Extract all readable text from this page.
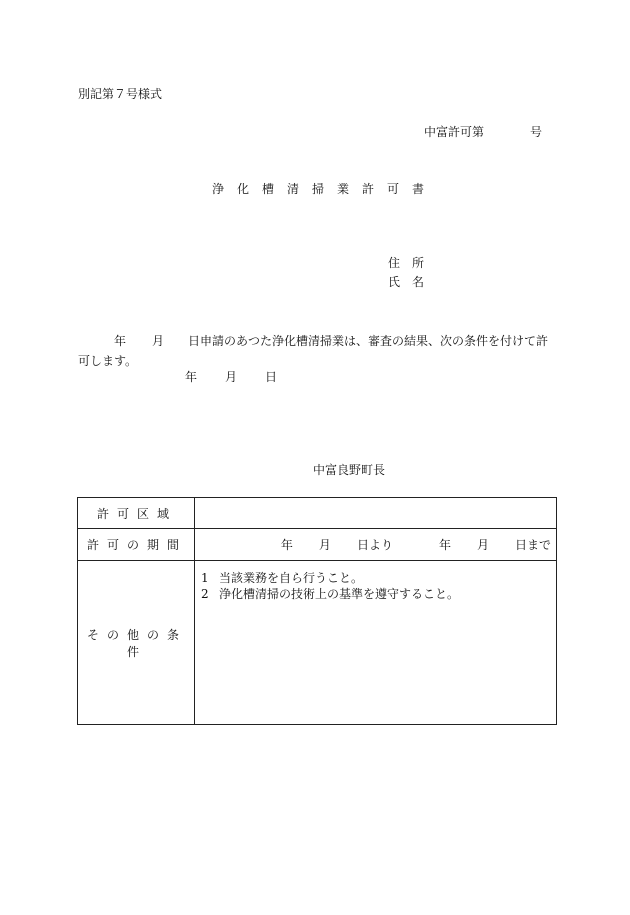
別記第７号様式
中富許可第	号
浄化槽清掃業許可書
住　所
氏　名
年 月 日申請のあつた浄化槽清掃業は、審査の結果、次の条件を付けて許可します。
年 月 日
中富良野町長
許可区域	
許可の期間	年 月 日より 年 月 日まで
その他の条件	1 当該業務を自ら行うこと。
2 浄化槽清掃の技術上の基準を遵守すること。
